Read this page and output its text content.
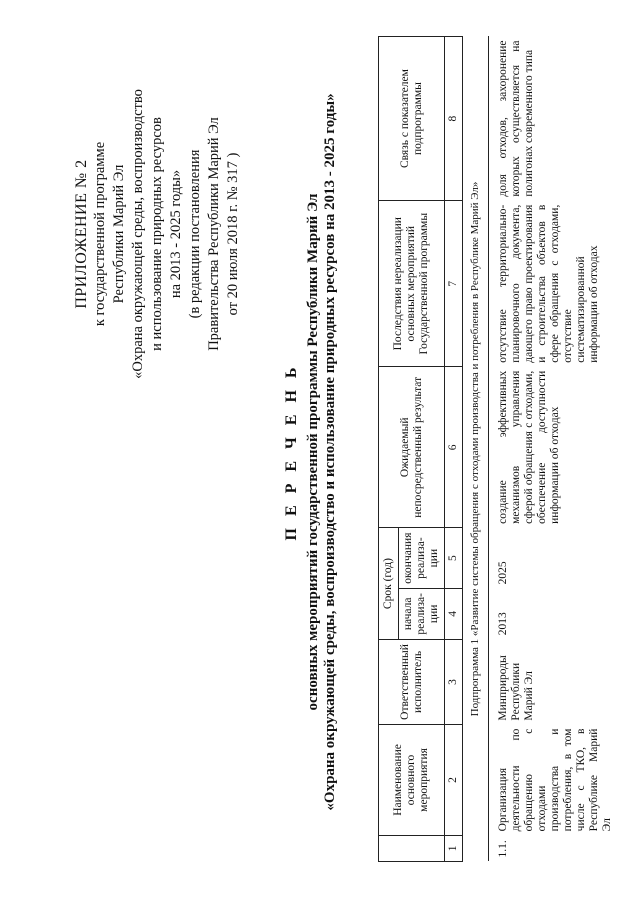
ПРИЛОЖЕНИЕ № 2 к государственной программе Республики Марий Эл «Охрана окружающей среды, воспроизводство и использование природных ресурсов на 2013 - 2025 годы» (в редакции постановления Правительства Республики Марий Эл от 20 июля 2018 г. № 317 )
П Е Р Е Ч Е Н Ь основных мероприятий государственной программы Республики Марий Эл «Охрана окружающей среды, воспроизводство и использование природных ресурсов на 2013 - 2025 годы»
		Наименование основного мероприятия	Ответственный исполнитель	Срок (год)		Ожидаемый непосредственный результат	Последствия нереализации основных мероприятий Государственной программы	Связь с показателем подпрограммы
			начала реализа-ции	окончания реализа-ции			
1	2	3	4	5	6	7	8
Подпрограмма 1 «Развитие системы обращения с отходами производства и потребления в Республике Марий Эл»							
1.1.	Организация деятельности по обращению с отходами производства и потребления, в том числе с ТКО, в Республике Марий Эл	Минприроды Республики Марий Эл	2013	2025	создание эффективных механизмов управления сферой обращения с отходами, обеспечение доступности информации об отходах	отсутствие территориально-планировочного документа, дающего право проектирования и строительства объектов в сфере обращения с отходами, отсутствие систематизированной информации об отходах	доля отходов, захоронение которых осуществляется на полигонах современного типа
